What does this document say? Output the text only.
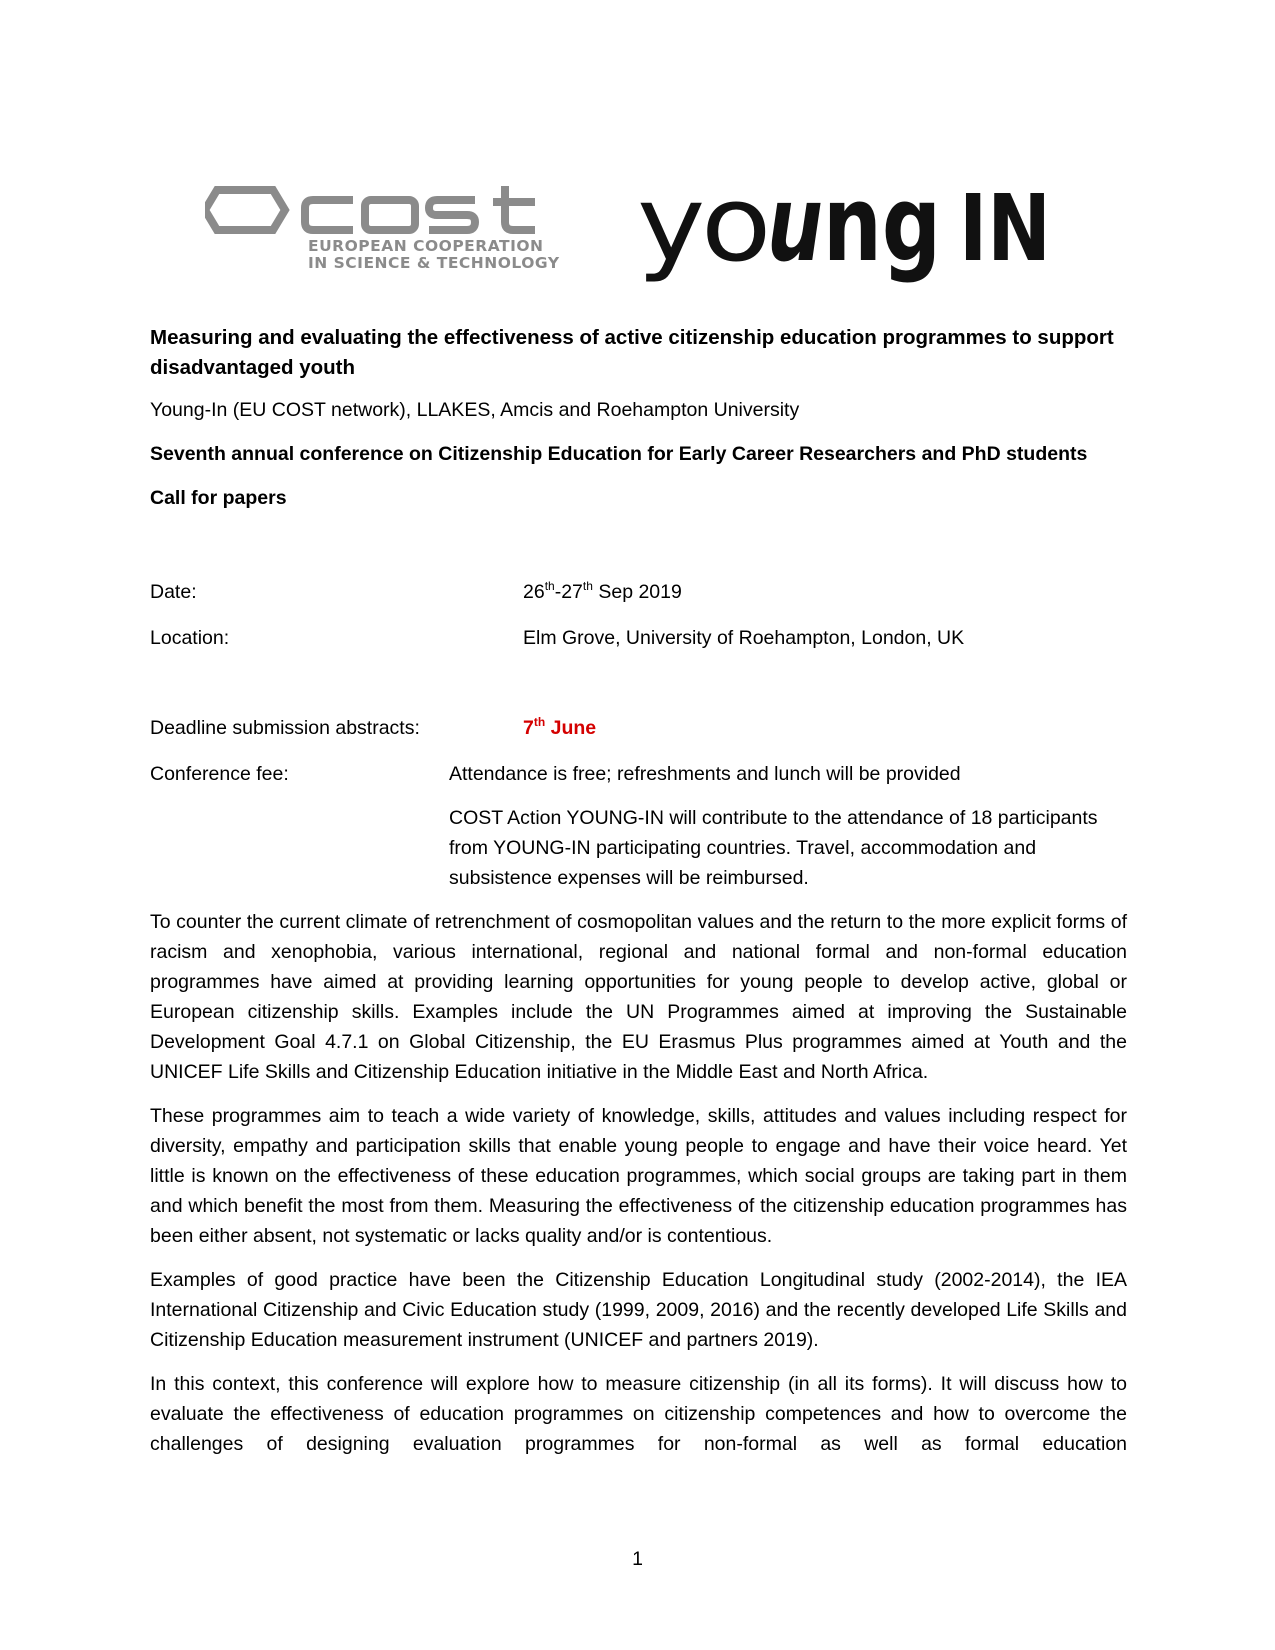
EUROPEAN COOPERATION
IN SCIENCE & TECHNOLOGY yo u ng IN
Measuring and evaluating the effectiveness of active citizenship education programmes to support disadvantaged youth
Young-In (EU COST network), LLAKES, Amcis and Roehampton University
Seventh annual conference on Citizenship Education for Early Career Researchers and PhD students
Call for papers
Date:	26th-27th Sep 2019
Location:	Elm Grove, University of Roehampton, London, UK
Deadline submission abstracts:	7th June
Conference fee:	Attendance is free; refreshments and lunch will be provided
COST Action YOUNG-IN will contribute to the attendance of 18 participants from YOUNG-IN participating countries. Travel, accommodation and subsistence expenses will be reimbursed.
To counter the current climate of retrenchment of cosmopolitan values and the return to the more explicit forms of racism and xenophobia, various international, regional and national formal and non-formal education programmes have aimed at providing learning opportunities for young people to develop active, global or European citizenship skills. Examples include the UN Programmes aimed at improving the Sustainable Development Goal 4.7.1 on Global Citizenship, the EU Erasmus Plus programmes aimed at Youth and the UNICEF Life Skills and Citizenship Education initiative in the Middle East and North Africa.
These programmes aim to teach a wide variety of knowledge, skills, attitudes and values including respect for diversity, empathy and participation skills that enable young people to engage and have their voice heard. Yet little is known on the effectiveness of these education programmes, which social groups are taking part in them and which benefit the most from them. Measuring the effectiveness of the citizenship education programmes has been either absent, not systematic or lacks quality and/or is contentious.
Examples of good practice have been the Citizenship Education Longitudinal study (2002-2014), the IEA International Citizenship and Civic Education study (1999, 2009, 2016) and the recently developed Life Skills and Citizenship Education measurement instrument (UNICEF and partners 2019).
In this context, this conference will explore how to measure citizenship (in all its forms). It will discuss how to evaluate the effectiveness of education programmes on citizenship competences and how to overcome the challenges of designing evaluation programmes for non-formal as well as formal education
1
